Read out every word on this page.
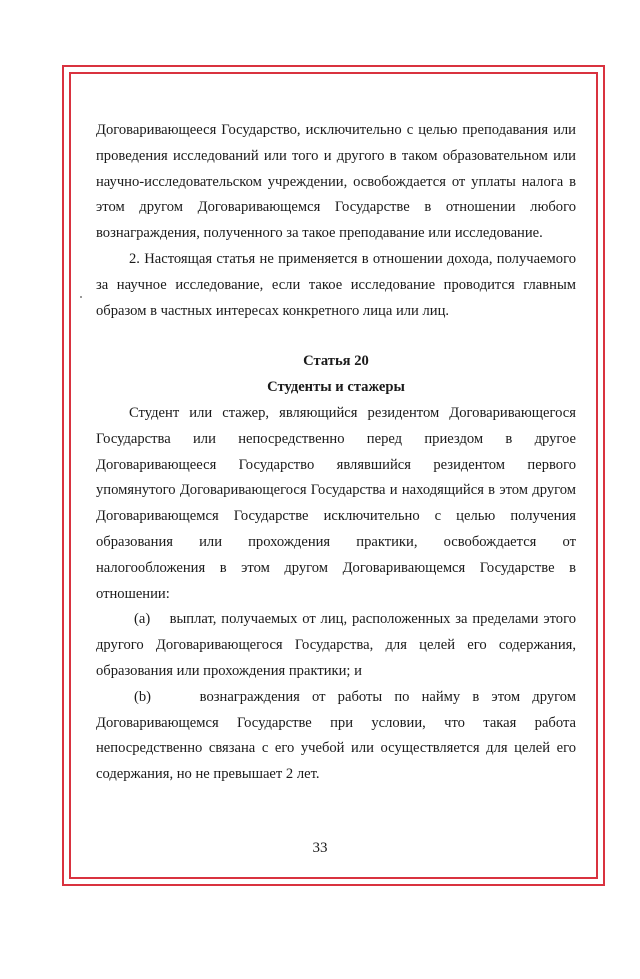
Договаривающееся Государство, исключительно с целью преподавания или проведения исследований или того и другого в таком образовательном или научно-исследовательском учреждении, освобождается от уплаты налога в этом другом Договаривающемся Государстве в отношении любого вознаграждения, полученного за такое преподавание или исследование.

2. Настоящая статья не применяется в отношении дохода, получаемого за научное исследование, если такое исследование проводится главным образом в частных интересах конкретного лица или лиц.

Статья 20

Студенты и стажеры

Студент или стажер, являющийся резидентом Договаривающегося Государства или непосредственно перед приездом в другое Договаривающееся Государство являвшийся резидентом первого упомянутого Договаривающегося Государства и находящийся в этом другом Договаривающемся Государстве исключительно с целью получения образования или прохождения практики, освобождается от налогообложения в этом другом Договаривающемся Государстве в отношении:

(a)    выплат, получаемых от лиц, расположенных за пределами этого другого Договаривающегося Государства, для целей его содержания, образования или прохождения практики; и

(b)    вознаграждения от работы по найму в этом другом Договаривающемся Государстве при условии, что такая работа непосредственно связана с его учебой или осуществляется для целей его содержания, но не превышает 2 лет.

33
